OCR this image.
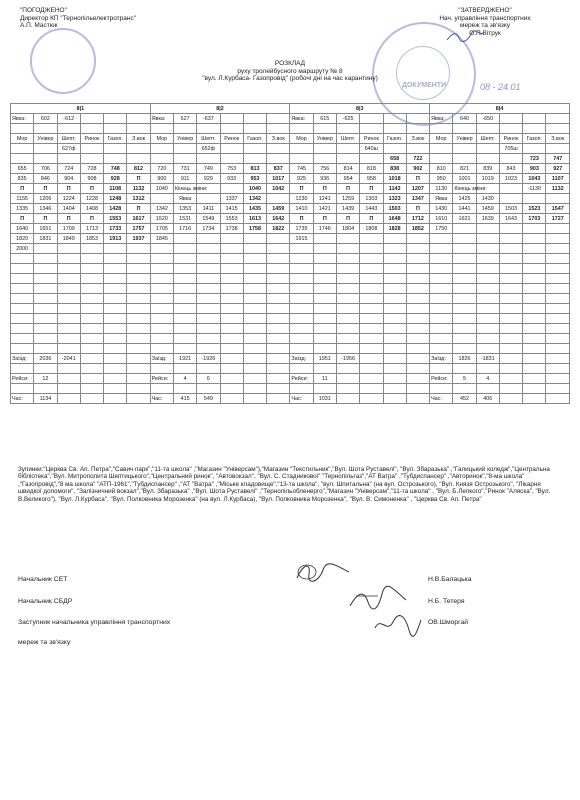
"ПОГОДЖЕНО"
Директор КП "Тернопільелектротранс"
А.П. Мастюк
"ЗАТВЕРДЖЕНО"
Нач. управління транспортних
мереж та зв'язку
О.П.Вітрук
ДОКУМЕНТИ	08 - 24.01
РОЗКЛАД
руху тролейбусного маршруту № 8
"вул. Л.Курбаса- Газопровід" (робочі дні на час карантину)
8|1						8|2						8|3						8|4					
Явка:	602	-612				Явка:	627	-637				Явка:	615	-625				Явка:	640	-650			

Мор	Універ	Шепт.	Ринок	Газоп.	З.вок	Мор	Універ	Шепт.	Ринок	Газоп.	З.вок	Мор	Універ	Шепт.	Ринок	Газоп.	З.вок	Мор	Універ	Шепт.	Ринок	Газоп.	З.вок
		627ф						652ф							640ш						705ш		
																658	722					723	747
655	706	724	728	748	812	720	731	749	753	813	837	745	756	814	818	838	902	810	821	839	843	903	927
835	846	904	908	928	П	900	911	929	933	953	1017	925	936	954	958	1018	П	950	1001	1019	1023	1043	1107
П	П	П	П	1108	1132	1040	Кінець зміни:			1040	1042	П	П	П	П	1143	1207	1130	Кінець зміни:			-1130	1132
1155	1206	1224	1228	1248	1312		Явка		1337	1342		1230	1241	1259	1303	1323	1347	Явка	1425	1430			
1335	1346	1404	1408	1428	П	1342	1353	1411	1415	1435	1459	1410	1421	1439	1443	1503	П	1430	1441	1459	1503	1523	1547
П	П	П	П	1553	1617	1520	1531	1549	1553	1613	1642	П	П	П	П	1648	1712	1610	1621	1639	1643	1703	1727
1640	1651	1709	1713	1733	1757	1705	1716	1734	1738	1758	1822	1735	1746	1804	1808	1828	1852	1750					
1820	1831	1849	1853	1913	1937	1845						1915											
2000																							

Заїзд:	2036	-2041				Заїзд:	1921	-1926				Заїзд:	1951	-1956				Заїзд:	1826	-1831			

Рейси:	12					Рейси:	4	6				Рейси:	11					Рейси:	5	4			

Час:	1134					Час:	415	549				Час:	1031					Час:	452	406			
Зупинки:"Церква Св. Ап. Петра","Савич парк","11-та школа" ,"Магазин "Універсам"),"Магазин "Текстильник","Вул. Шота Руставелі", "Вул. Збаразька" ,"Галицький коледж","Центральна бібліотека","Вул. Митрополита Шептицького","Центральний ринок", "Автовокзал", "Вул. С. Стадниковоі" "Тернопільгаз","АТ Ватра" ,"Тубдиспансер" ,"Авторинок","8-ма школа" ,"Газопровід","8 ма школа" "АТП-1961","Тубдиспансер" ,"АТ "Ватра" ,"Міське кладовище","13-та школа", "вул. Шпитальна" (на вул. Острозького), "Вул. Князя Острозького", "Лікарня швидкої допомоги", "Залізничний вокзал","Вул. Збаразька" ,"Вул. Шота Руставелі" ,"Тернопільобленерго","Магазин "Універсам","11-та школа" , "Вул. Б.Лепкого","Ринок "Аляска", "Вул. В.Великого"), "Вул. Л.Курбаса", "Вул. Полковника Морозенка" (на вул. Л.Курбаса), "Вул. Полковника Морозенка", "Вул. В. Симоненка" , "Церква Св. Ап. Петра"
Начальник СЕТ	Н.В.Балацька
Начальник СБДР	Н.Б. Тетеря
Заступник начальника управління транспортних	ОВ.Шморгай
мереж та зв'язку
